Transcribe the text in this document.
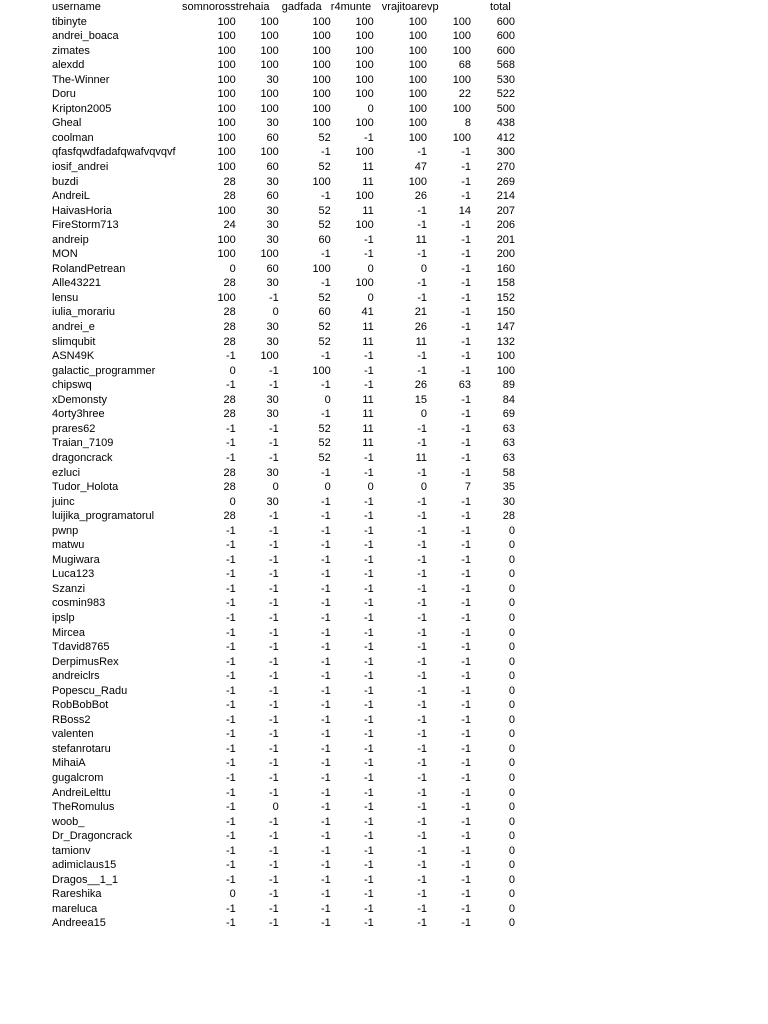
username	somnoross	trehaia	gadfada	r4munte	vrajitoare	vp	total
tibinyte	100	100	100	100	100	100	600
andrei_boaca	100	100	100	100	100	100	600
zimates	100	100	100	100	100	100	600
alexdd	100	100	100	100	100	68	568
The-Winner	100	30	100	100	100	100	530
Doru	100	100	100	100	100	22	522
Kripton2005	100	100	100	0	100	100	500
Gheal	100	30	100	100	100	8	438
coolman	100	60	52	-1	100	100	412
qfasfqwdfadafqwafvqvqvf	100	100	-1	100	-1	-1	300
iosif_andrei	100	60	52	11	47	-1	270
buzdi	28	30	100	11	100	-1	269
AndreiL	28	60	-1	100	26	-1	214
HaivasHoria	100	30	52	11	-1	14	207
FireStorm713	24	30	52	100	-1	-1	206
andreip	100	30	60	-1	11	-1	201
MON	100	100	-1	-1	-1	-1	200
RolandPetrean	0	60	100	0	0	-1	160
Alle43221	28	30	-1	100	-1	-1	158
lensu	100	-1	52	0	-1	-1	152
iulia_morariu	28	0	60	41	21	-1	150
andrei_e	28	30	52	11	26	-1	147
slimqubit	28	30	52	11	11	-1	132
ASN49K	-1	100	-1	-1	-1	-1	100
galactic_programmer	0	-1	100	-1	-1	-1	100
chipswq	-1	-1	-1	-1	26	63	89
xDemonsty	28	30	0	11	15	-1	84
4orty3hree	28	30	-1	11	0	-1	69
prares62	-1	-1	52	11	-1	-1	63
Traian_7109	-1	-1	52	11	-1	-1	63
dragoncrack	-1	-1	52	-1	11	-1	63
ezluci	28	30	-1	-1	-1	-1	58
Tudor_Holota	28	0	0	0	0	7	35
juinc	0	30	-1	-1	-1	-1	30
luijika_programatorul	28	-1	-1	-1	-1	-1	28
pwnp	-1	-1	-1	-1	-1	-1	0
matwu	-1	-1	-1	-1	-1	-1	0
Mugiwara	-1	-1	-1	-1	-1	-1	0
Luca123	-1	-1	-1	-1	-1	-1	0
Szanzi	-1	-1	-1	-1	-1	-1	0
cosmin983	-1	-1	-1	-1	-1	-1	0
ipslp	-1	-1	-1	-1	-1	-1	0
Mircea	-1	-1	-1	-1	-1	-1	0
Tdavid8765	-1	-1	-1	-1	-1	-1	0
DerpimusRex	-1	-1	-1	-1	-1	-1	0
andreiclrs	-1	-1	-1	-1	-1	-1	0
Popescu_Radu	-1	-1	-1	-1	-1	-1	0
RobBobBot	-1	-1	-1	-1	-1	-1	0
RBoss2	-1	-1	-1	-1	-1	-1	0
valenten	-1	-1	-1	-1	-1	-1	0
stefanrotaru	-1	-1	-1	-1	-1	-1	0
MihaiA	-1	-1	-1	-1	-1	-1	0
gugalcrom	-1	-1	-1	-1	-1	-1	0
AndreiLelttu	-1	-1	-1	-1	-1	-1	0
TheRomulus	-1	0	-1	-1	-1	-1	0
woob_	-1	-1	-1	-1	-1	-1	0
Dr_Dragoncrack	-1	-1	-1	-1	-1	-1	0
tamionv	-1	-1	-1	-1	-1	-1	0
adimiclaus15	-1	-1	-1	-1	-1	-1	0
Dragos__1_1	-1	-1	-1	-1	-1	-1	0
Rareshika	0	-1	-1	-1	-1	-1	0
mareluca	-1	-1	-1	-1	-1	-1	0
Andreea15	-1	-1	-1	-1	-1	-1	0
